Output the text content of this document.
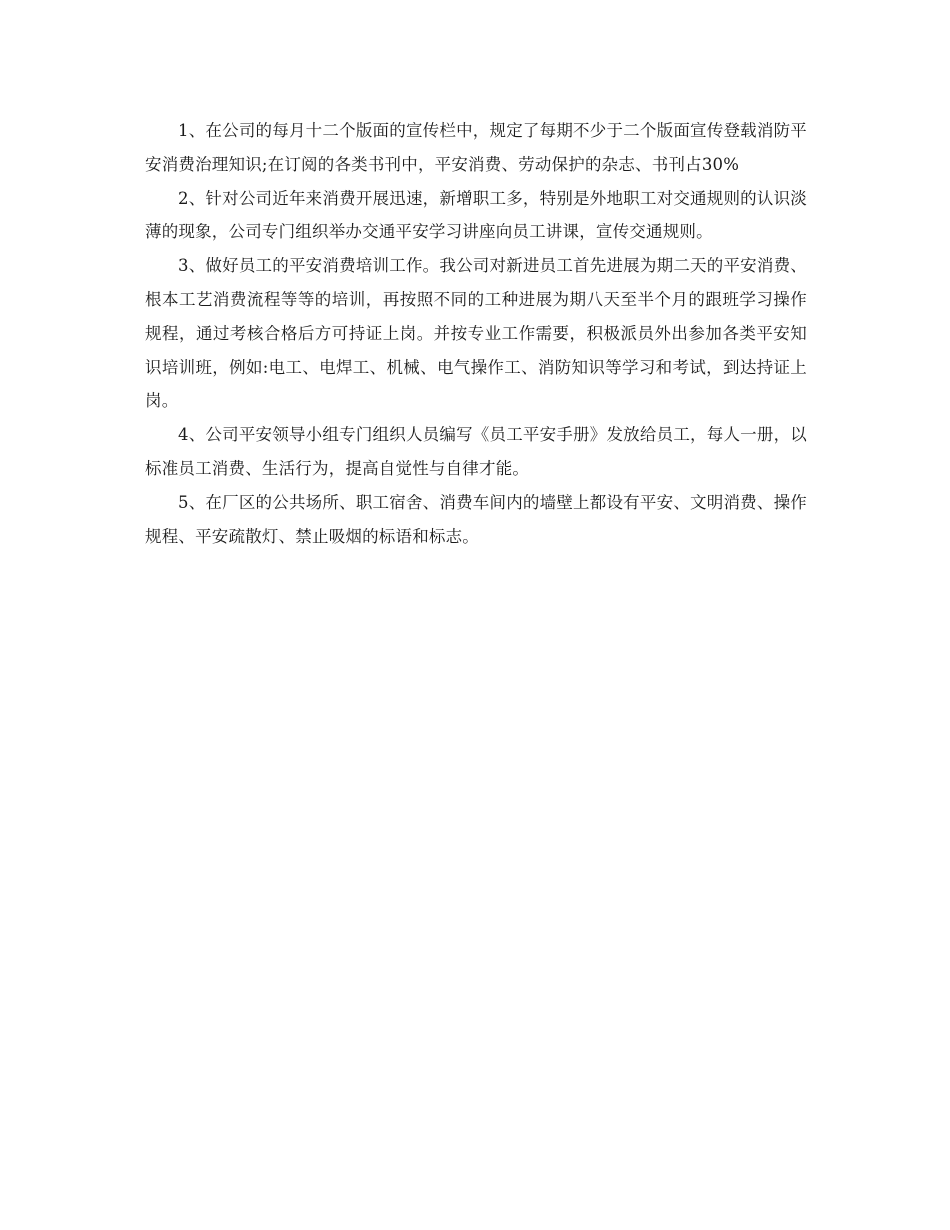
1、在公司的每月十二个版面的宣传栏中，规定了每期不少于二个版面宣传登载消防平安消费治理知识;在订阅的各类书刊中，平安消费、劳动保护的杂志、书刊占30%

2、针对公司近年来消费开展迅速，新增职工多，特别是外地职工对交通规则的认识淡薄的现象，公司专门组织举办交通平安学习讲座向员工讲课，宣传交通规则。

3、做好员工的平安消费培训工作。我公司对新进员工首先进展为期二天的平安消费、根本工艺消费流程等等的培训，再按照不同的工种进展为期八天至半个月的跟班学习操作规程，通过考核合格后方可持证上岗。并按专业工作需要，积极派员外出参加各类平安知识培训班，例如:电工、电焊工、机械、电气操作工、消防知识等学习和考试，到达持证上岗。

4、公司平安领导小组专门组织人员编写《员工平安手册》发放给员工，每人一册，以标准员工消费、生活行为，提高自觉性与自律才能。

5、在厂区的公共场所、职工宿舍、消费车间内的墙壁上都设有平安、文明消费、操作规程、平安疏散灯、禁止吸烟的标语和标志。
